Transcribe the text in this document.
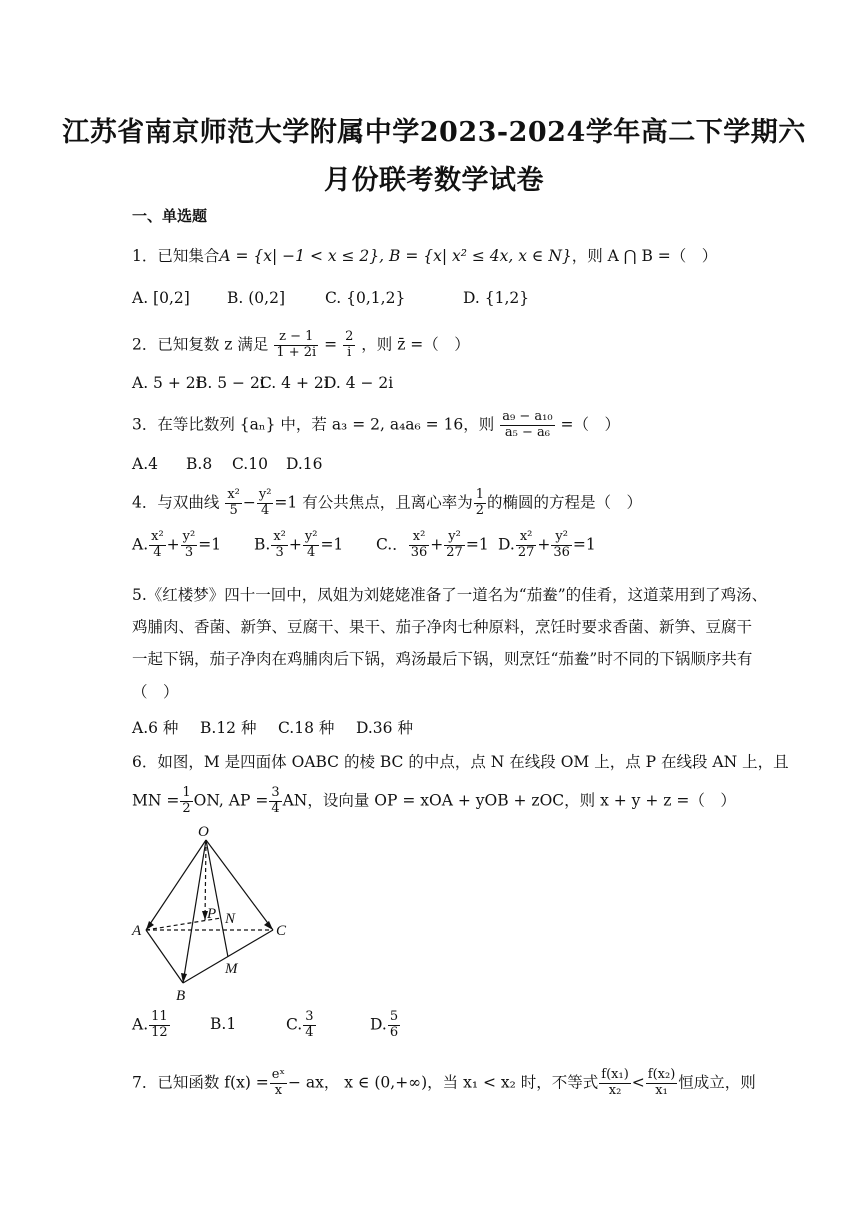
江苏省南京师范大学附属中学2023-2024学年高二下学期六
月份联考数学试卷
一、单选题
1．已知集合A = {x| −1 < x ≤ 2}, B = {x| x² ≤ 4x, x ∈ N}，则 A ⋂ B =（　）
A. [0,2] B. (0,2]	C. {0,1,2}	D. {1,2}
2．已知复数 z 满足 $\frac{z - 1}{1 + 2i} = \frac{2}{i}$ ，则 z̄ =（　）
A. 5 + 2iB. 5 − 2iC. 4 + 2iD. 4 − 2i
3．在等比数列 {aₙ} 中，若 a₃ = 2, a₄a₆ = 16，则 $\frac{\text{a₉ − a₁₀}}{\text{a₅ − a₆}}$ =（　）
A.4 B.8 C.10 D.16
4．与双曲线 $\frac{\text{x²}}{5} - \frac{\text{y²}}{4} =1$ 有公共焦点，且离心率为 $\frac{1}{2}$ 的椭圆的方程是（　）
A. $\frac{\text{x²}}{4} + \frac{\text{y²}}{3} =1$ B. $\frac{\text{x²}}{3} + \frac{\text{y²}}{4} =1$ C.． $\frac{\text{x²}}{36} + \frac{\text{y²}}{27} =1$ D. $\frac{\text{x²}}{27} + \frac{\text{y²}}{36} =1$
5.《红楼梦》四十一回中，凤姐为刘姥姥准备了一道名为“茄鲞”的佳肴，这道菜用到了鸡汤、
鸡脯肉、香菌、新笋、豆腐干、果干、茄子净肉七种原料，烹饪时要求香菌、新笋、豆腐干
一起下锅，茄子净肉在鸡脯肉后下锅，鸡汤最后下锅，则烹饪“茄鲞”时不同的下锅顺序共有
（　）
A.6 种 B.12 种 C.18 种 D.36 种
6．如图，M 是四面体 OABC 的棱 BC 的中点，点 N 在线段 OM 上，点 P 在线段 AN 上，且
MN = $\frac{1}{2}$ ON, AP = $\frac{3}{4}$ AN，设向量 OP = xOA + yOB + zOC，则 x + y + z =（　）
O
A	C
B
M
N
P
A. $\frac{11}{12}$	B.1	C. $\frac{3}{4}$	D. $\frac{5}{6}$
7．已知函数 $f(x) = \frac{\text{eˣ}}{x}$ − ax， x ∈ (0,+∞)，当 x₁ < x₂ 时，不等式 $\frac{\text{f(x₁)}}{\text{x₂}} < \frac{\text{f(x₂)}}{\text{x₁}}$ 恒成立，则
